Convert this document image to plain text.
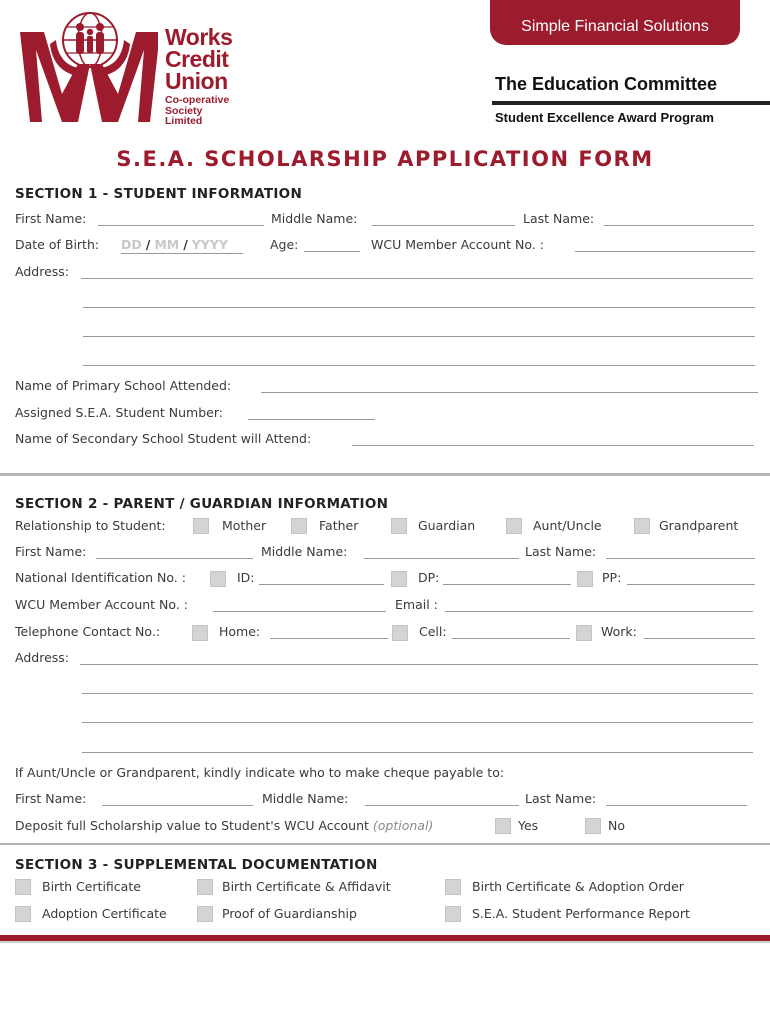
Works
Credit
Union
Co-operative
Society
Limited
Simple Financial Solutions
The Education Committee
Student Excellence Award Program
S.E.A. SCHOLARSHIP APPLICATION FORM
SECTION 1 - STUDENT INFORMATION
First Name:	Middle Name:	Last Name:
Date of Birth: DD / MM / YYYY	Age:	WCU Member Account No. :
Address:
Name of Primary School Attended:
Assigned S.E.A. Student Number:
Name of Secondary School Student will Attend:
SECTION 2 - PARENT / GUARDIAN INFORMATION
Relationship to Student:	Mother	Father	Guardian	Aunt/Uncle	Grandparent
First Name:	Middle Name:	Last Name:
National Identification No. :	ID:	DP:	PP:
WCU Member Account No. :	Email :
Telephone Contact No.:	Home:	Cell:	Work:
Address:
If Aunt/Uncle or Grandparent, kindly indicate who to make cheque payable to:
First Name:	Middle Name:	Last Name:
Deposit full Scholarship value to Student's WCU Account (optional)	Yes	No
SECTION 3 - SUPPLEMENTAL DOCUMENTATION
Birth Certificate	Birth Certificate & Affidavit	Birth Certificate & Adoption Order
Adoption Certificate	Proof of Guardianship	S.E.A. Student Performance Report
